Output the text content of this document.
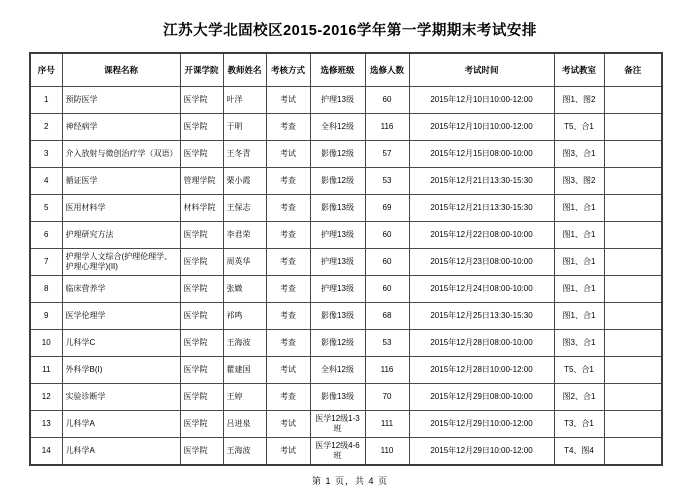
江苏大学北固校区2015-2016学年第一学期期末考试安排
序号	课程名称	开课学院	教师姓名	考核方式	选修班级	选修人数	考试时间	考试教室	备注
1	预防医学	医学院	叶洋	考试	护理13级	60	2015年12月10日10:00-12:00	图1、图2	
2	神经病学	医学院	于明	考查	全科12级	116	2015年12月10日10:00-12:00	T5、合1	
3	介入放射与微创治疗学（双语）	医学院	王冬青	考试	影像12级	57	2015年12月15日08:00-10:00	图3、合1	
4	循证医学	管理学院	栗小霞	考查	影像12级	53	2015年12月21日13:30-15:30	图3、图2	
5	医用材料学	材料学院	王保志	考查	影像13级	69	2015年12月21日13:30-15:30	图1、合1	
6	护理研究方法	医学院	李君荣	考查	护理13级	60	2015年12月22日08:00-10:00	图1、合1	
7	护理学人文综合(护理伦理学、护理心理学)(II)	医学院	周英华	考查	护理13级	60	2015年12月23日08:00-10:00	图1、合1	
8	临床营养学	医学院	张媺	考查	护理13级	60	2015年12月24日08:00-10:00	图1、合1	
9	医学伦理学	医学院	祁鸣	考查	影像13级	68	2015年12月25日13:30-15:30	图1、合1	
10	儿科学C	医学院	王海波	考查	影像12级	53	2015年12月28日08:00-10:00	图3、合1	
11	外科学B(I)	医学院	瞿建国	考试	全科12级	116	2015年12月28日10:00-12:00	T5、合1	
12	实验诊断学	医学院	王婷	考查	影像13级	70	2015年12月29日08:00-10:00	图2、合1	
13	儿科学A	医学院	吕进泉	考试	医学12级1-3班	111	2015年12月29日10:00-12:00	T3、合1	
14	儿科学A	医学院	王海波	考试	医学12级4-6班	110	2015年12月29日10:00-12:00	T4、图4	
第 1 页，共 4 页
